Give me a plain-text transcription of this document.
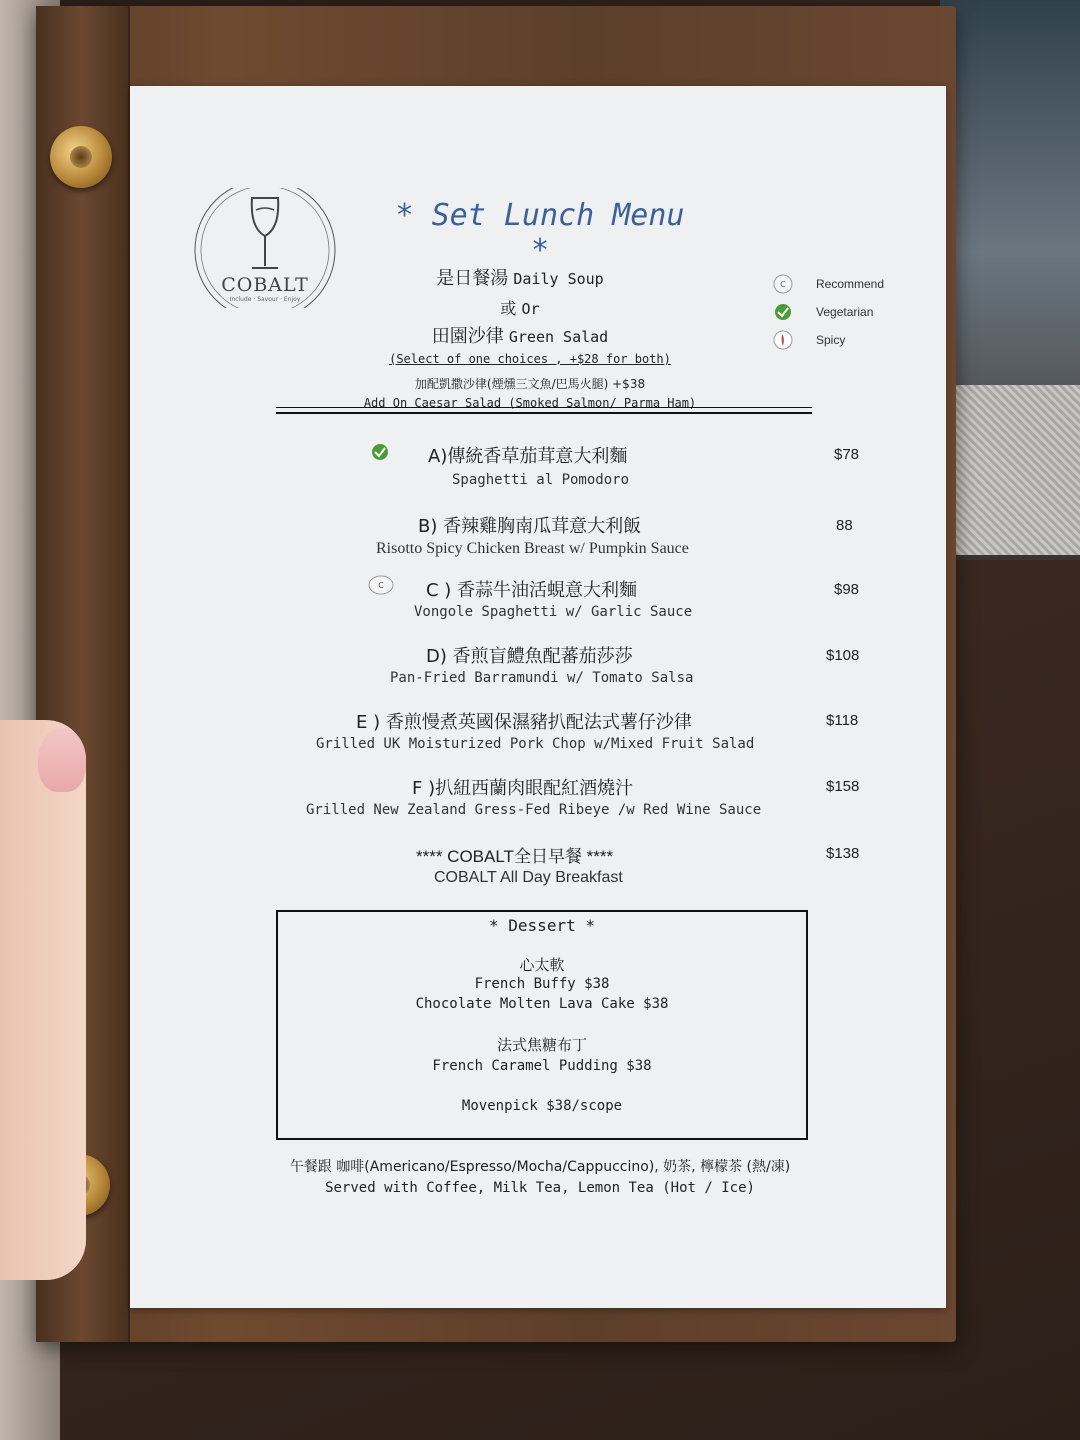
COBALT
Include · Savour · Enjoy
* Set Lunch Menu *
是日餐湯 Daily Soup
或 Or
田園沙律 Green Salad
(Select of one choices , +$28 for both)
加配凱撒沙律(煙燻三文魚/巴馬火腿) +$38
Add On Caesar Salad (Smoked Salmon/ Parma Ham)
C	Recommend
Vegetarian
Spicy
A)傳統香草茄茸意大利麵
Spaghetti al Pomodoro
$78
B) 香辣雞胸南瓜茸意大利飯
Risotto Spicy Chicken Breast w/ Pumpkin Sauce
88
C C ) 香蒜牛油活蜆意大利麵
Vongole Spaghetti w/ Garlic Sauce
$98
D) 香煎盲鱧魚配蕃茄莎莎
Pan-Fried Barramundi w/ Tomato Salsa
$108
E ) 香煎慢煮英國保濕豬扒配法式薯仔沙律
Grilled UK Moisturized Pork Chop w/Mixed Fruit Salad
$118
F )扒紐西蘭肉眼配紅酒燒汁
Grilled New Zealand Gress-Fed Ribeye /w Red Wine Sauce
$158
**** COBALT全日早餐 ****
COBALT All Day Breakfast
$138
* Dessert *
心太軟
French Buffy $38
Chocolate Molten Lava Cake $38
法式焦糖布丁
French Caramel Pudding $38
Movenpick $38/scope
午餐跟 咖啡(Americano/Espresso/Mocha/Cappuccino), 奶茶, 檸檬茶 (熱/凍)
Served with Coffee, Milk Tea, Lemon Tea (Hot / Ice)
